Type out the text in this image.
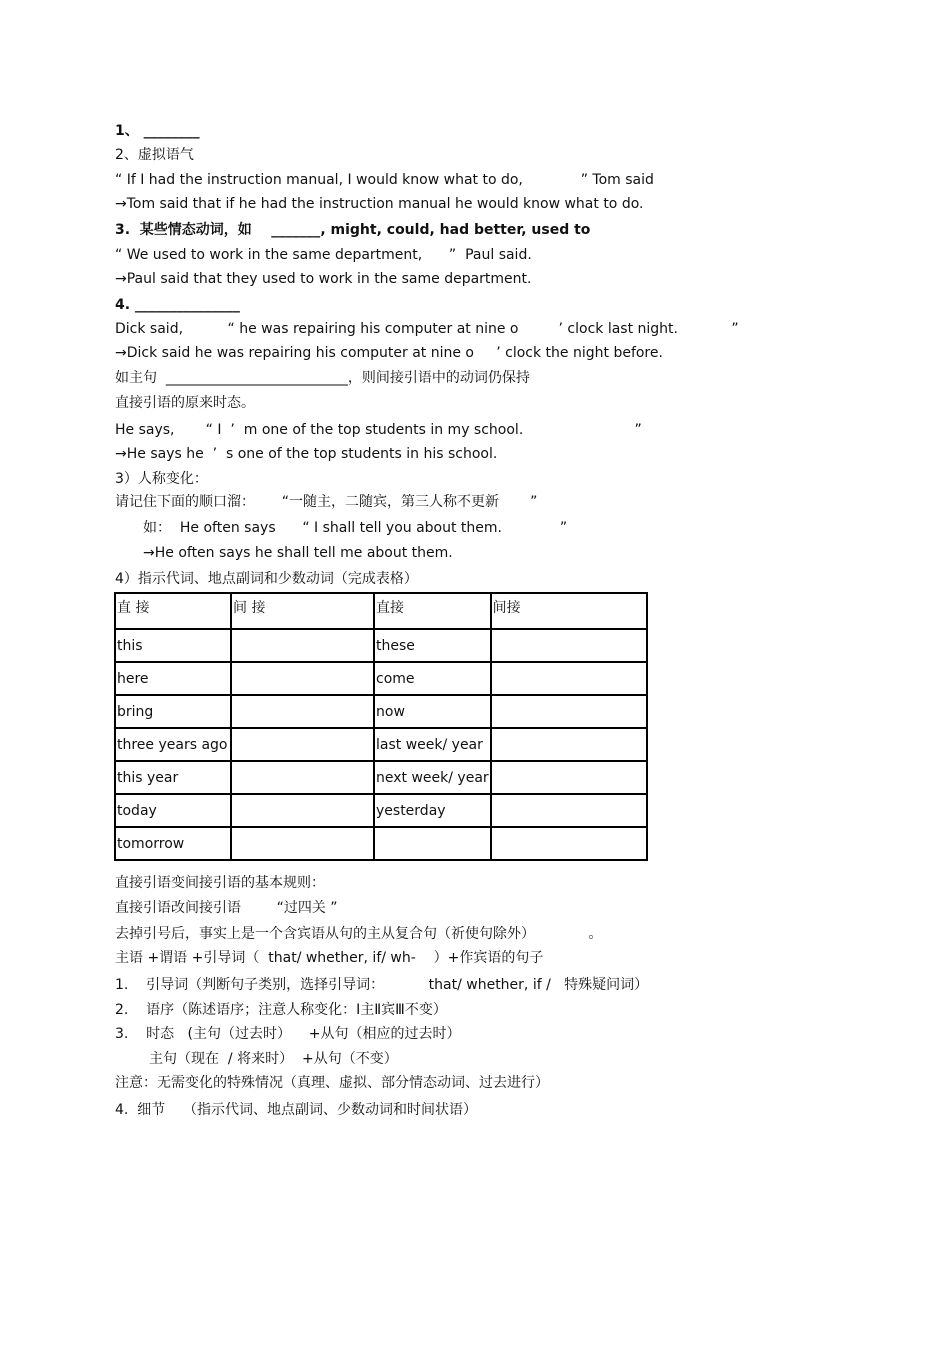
1、 ________
2、虚拟语气
“ If I had the instruction manual, I would know what to do,             ” Tom said
→Tom said that if he had the instruction manual he would know what to do.
3.  某些情态动词，如    _______, might, could, had better, used to
“ We used to work in the same department,      ”  Paul said.
→Paul said that they used to work in the same department.
4. _______________
Dick said,          “ he was repairing his computer at nine o         ’ clock last night.            ”
→Dick said he was repairing his computer at nine o     ’ clock the night before.
如主句  __________________________，则间接引语中的动词仍保持
直接引语的原来时态。
He says,       “ I  ’  m one of the top students in my school.                         ”
→He says he  ’  s one of the top students in his school.
3）人称变化：
请记住下面的顺口溜：      “一随主，二随宾，第三人称不更新       ”
如：  He often says      “ I shall tell you about them.             ”
→He often says he shall tell me about them.
4）指示代词、地点副词和少数动词（完成表格）
直 接	间 接	直接	间接
this		these	
here		come	
bring		now	
three years ago		last week/ year	
this year		next week/ year	
today		yesterday	
tomorrow			
直接引语变间接引语的基本规则：
直接引语改间接引语        “过四关 ”
去掉引号后，事实上是一个含宾语从句的主从复合句（祈使句除外）            。
主语 +谓语 +引导词（  that/ whether, if/ wh-    ）+作宾语的句子
1.    引导词（判断句子类别，选择引导词：          that/ whether, if /   特殊疑问词）
2.    语序（陈述语序；注意人称变化：Ⅰ主Ⅱ宾Ⅲ不变）
3.    时态   (主句（过去时）    +从句（相应的过去时）
主句（现在  / 将来时）  +从句（不变）
注意：无需变化的特殊情况（真理、虚拟、部分情态动词、过去进行）
4.  细节    （指示代词、地点副词、少数动词和时间状语）
